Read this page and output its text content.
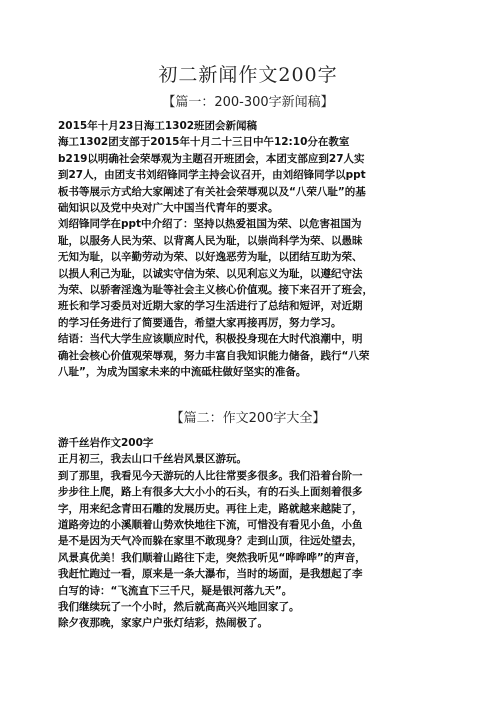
初二新闻作文200字
【篇一：200-300字新闻稿】
2015年十月23日海工1302班团会新闻稿
海工1302团支部于2015年十月二十三日中午12:10分在教室
b219以明确社会荣辱观为主题召开班团会，本团支部应到27人实
到27人，由团支书刘绍锋同学主持会议召开，由刘绍锋同学以ppt
板书等展示方式给大家阐述了有关社会荣辱观以及“八荣八耻”的基
础知识以及党中央对广大中国当代青年的要求。
刘绍锋同学在ppt中介绍了：坚持以热爱祖国为荣、以危害祖国为
耻，以服务人民为荣、以背离人民为耻，以崇尚科学为荣、以愚昧
无知为耻，以辛勤劳动为荣、以好逸恶劳为耻，以团结互助为荣、
以损人利己为耻，以诚实守信为荣、以见利忘义为耻，以遵纪守法
为荣、以骄奢淫逸为耻等社会主义核心价值观。接下来召开了班会，
班长和学习委员对近期大家的学习生活进行了总结和短评，对近期
的学习任务进行了简要通告，希望大家再接再厉，努力学习。
结语：当代大学生应该顺应时代，积极投身现在大时代浪潮中，明
确社会核心价值观荣辱观，努力丰富自我知识能力储备，践行“八荣
八耻”，为成为国家未来的中流砥柱做好坚实的准备。
【篇二：作文200字大全】
游千丝岩作文200字
正月初三，我去山口千丝岩风景区游玩。
到了那里，我看见今天游玩的人比往常要多很多。我们沿着台阶一
步步往上爬，路上有很多大大小小的石头，有的石头上面刻着很多
字，用来纪念青田石雕的发展历史。再往上走，路就越来越陡了，
道路旁边的小溪顺着山势欢快地往下流，可惜没有看见小鱼，小鱼
是不是因为天气冷而躲在家里不敢现身？走到山顶，往远处望去，
风景真优美！我们顺着山路往下走，突然我听见“哗哗哗”的声音，
我赶忙跑过一看，原来是一条大瀑布，当时的场面，是我想起了李
白写的诗：“飞流直下三千尺，疑是银河落九天”。
我们继续玩了一个小时，然后就高高兴兴地回家了。
除夕夜那晚，家家户户张灯结彩，热闹极了。
